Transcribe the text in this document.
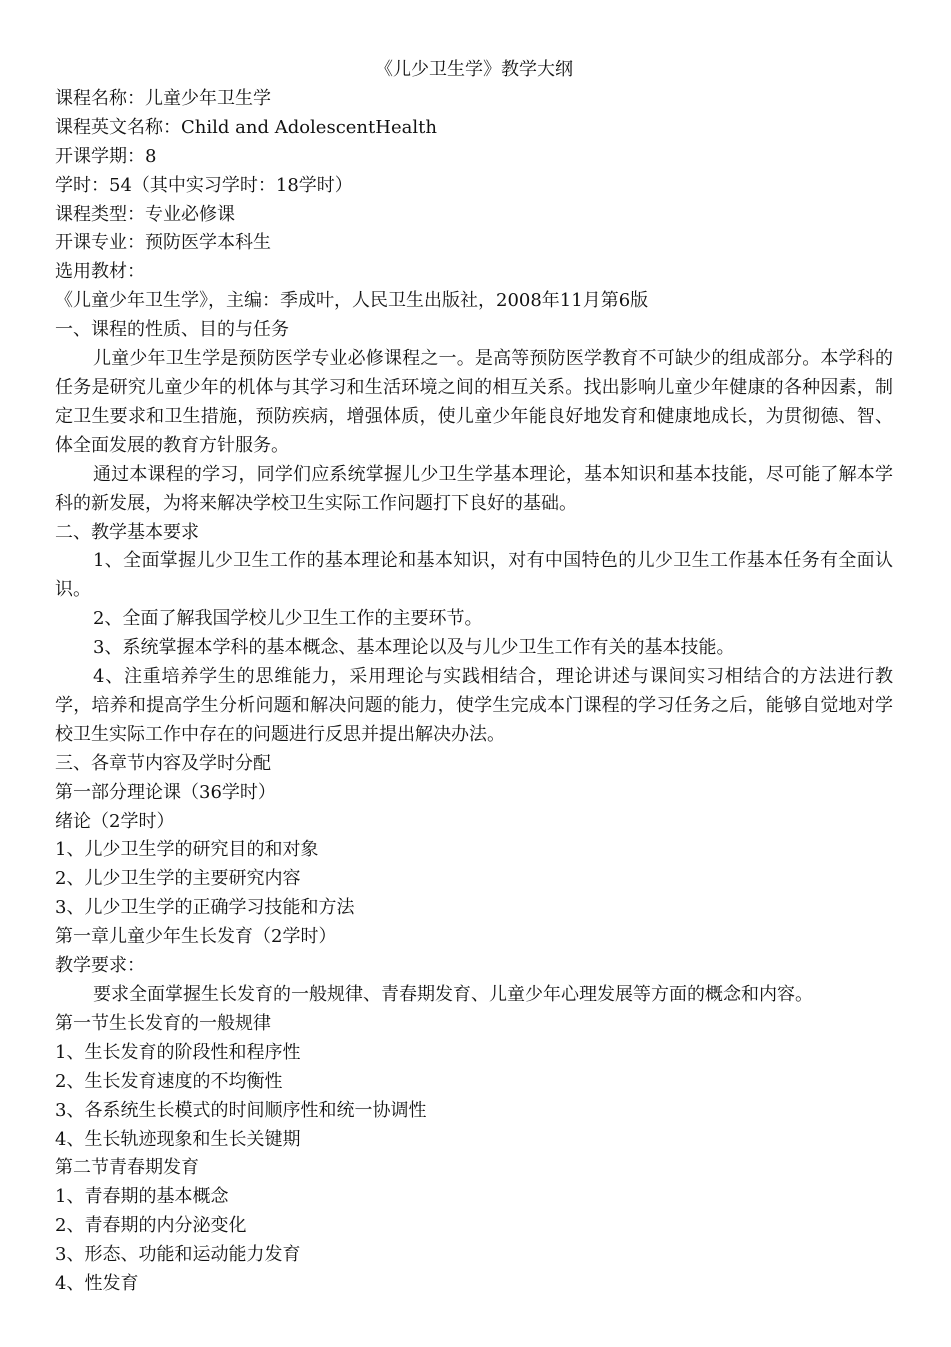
《儿少卫生学》教学大纲

课程名称：儿童少年卫生学

课程英文名称：Child and AdolescentHealth

开课学期：8

学时：54（其中实习学时：18学时）

课程类型：专业必修课

开课专业：预防医学本科生

选用教材：

《儿童少年卫生学》，主编：季成叶，人民卫生出版社，2008年11月第6版

一、课程的性质、目的与任务

儿童少年卫生学是预防医学专业必修课程之一。是高等预防医学教育不可缺少的组成部分。本学科的任务是研究儿童少年的机体与其学习和生活环境之间的相互关系。找出影响儿童少年健康的各种因素，制定卫生要求和卫生措施，预防疾病，增强体质，使儿童少年能良好地发育和健康地成长，为贯彻德、智、体全面发展的教育方针服务。

通过本课程的学习，同学们应系统掌握儿少卫生学基本理论，基本知识和基本技能，尽可能了解本学科的新发展，为将来解决学校卫生实际工作问题打下良好的基础。

二、教学基本要求

1、全面掌握儿少卫生工作的基本理论和基本知识，对有中国特色的儿少卫生工作基本任务有全面认识。

2、全面了解我国学校儿少卫生工作的主要环节。

3、系统掌握本学科的基本概念、基本理论以及与儿少卫生工作有关的基本技能。

4、注重培养学生的思维能力，采用理论与实践相结合，理论讲述与课间实习相结合的方法进行教学，培养和提高学生分析问题和解决问题的能力，使学生完成本门课程的学习任务之后，能够自觉地对学校卫生实际工作中存在的问题进行反思并提出解决办法。

三、各章节内容及学时分配

第一部分理论课（36学时）

绪论（2学时）

1、儿少卫生学的研究目的和对象

2、儿少卫生学的主要研究内容

3、儿少卫生学的正确学习技能和方法

第一章儿童少年生长发育（2学时）

教学要求：

要求全面掌握生长发育的一般规律、青春期发育、儿童少年心理发展等方面的概念和内容。

第一节生长发育的一般规律

1、生长发育的阶段性和程序性

2、生长发育速度的不均衡性

3、各系统生长模式的时间顺序性和统一协调性

4、生长轨迹现象和生长关键期

第二节青春期发育

1、青春期的基本概念

2、青春期的内分泌变化

3、形态、功能和运动能力发育

4、性发育
